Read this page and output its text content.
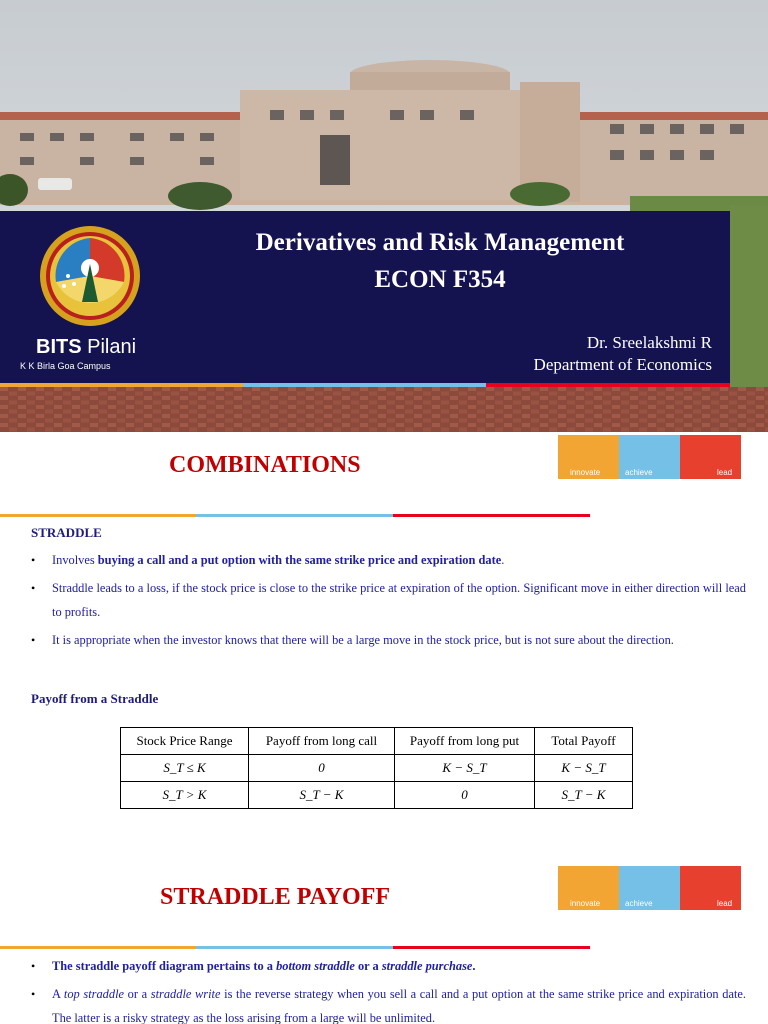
Derivatives and Risk Management
ECON F354
Dr. Sreelakshmi R
Department of Economics
BITS Pilani
K K Birla Goa Campus
COMBINATIONS	innovate	achieve	lead
STRADDLE
• Involves buying a call and a put option with the same strike price and expiration date.
• Straddle leads to a loss, if the stock price is close to the strike price at expiration of the option. Significant move in either direction will lead to profits.
• It is appropriate when the investor knows that there will be a large move in the stock price, but is not sure about the direction.
Payoff from a Straddle
Stock Price Range	Payoff from long call	Payoff from long put	Total Payoff
S_T ≤ K	0	K − S_T	K − S_T
S_T > K	S_T − K	0	S_T − K
STRADDLE PAYOFF	innovate	achieve	lead
• The straddle payoff diagram pertains to a bottom straddle or a straddle purchase.
• A top straddle or a straddle write is the reverse strategy when you sell a call and a put option at the same strike price and expiration date. The latter is a risky strategy as the loss arising from a large will be unlimited.
